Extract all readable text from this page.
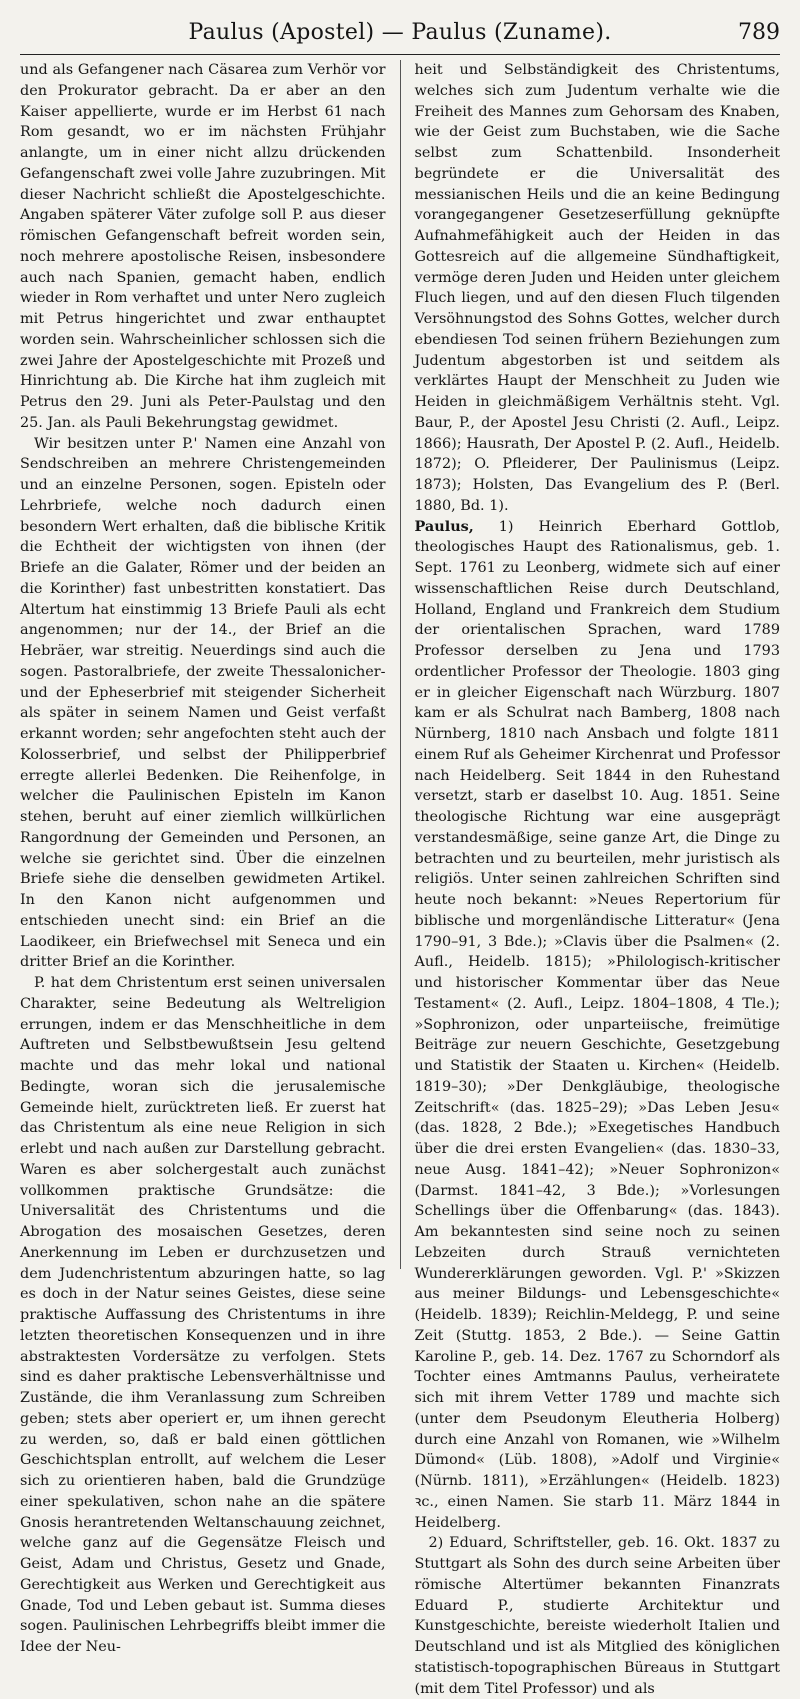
Paulus (Apostel) — Paulus (Zuname).	789

und als Gefangener nach Cäsarea zum Verhör vor den Prokurator gebracht. Da er aber an den Kaiser appellierte, wurde er im Herbst 61 nach Rom gesandt, wo er im nächsten Frühjahr anlangte, um in einer nicht allzu drückenden Gefangenschaft zwei volle Jahre zuzubringen. Mit dieser Nachricht schließt die Apostelgeschichte. Angaben späterer Väter zufolge soll P. aus dieser römischen Gefangenschaft befreit worden sein, noch mehrere apostolische Reisen, insbesondere auch nach Spanien, gemacht haben, endlich wieder in Rom verhaftet und unter Nero zugleich mit Petrus hingerichtet und zwar enthauptet worden sein. Wahrscheinlicher schlossen sich die zwei Jahre der Apostelgeschichte mit Prozeß und Hinrichtung ab. Die Kirche hat ihm zugleich mit Petrus den 29. Juni als Peter-Paulstag und den 25. Jan. als Pauli Bekehrungstag gewidmet.

Wir besitzen unter P.' Namen eine Anzahl von Sendschreiben an mehrere Christengemeinden und an einzelne Personen, sogen. Episteln oder Lehrbriefe, welche noch dadurch einen besondern Wert erhalten, daß die biblische Kritik die Echtheit der wichtigsten von ihnen (der Briefe an die Galater, Römer und der beiden an die Korinther) fast unbestritten konstatiert. Das Altertum hat einstimmig 13 Briefe Pauli als echt angenommen; nur der 14., der Brief an die Hebräer, war streitig. Neuerdings sind auch die sogen. Pastoralbriefe, der zweite Thessalonicher- und der Epheserbrief mit steigender Sicherheit als später in seinem Namen und Geist verfaßt erkannt worden; sehr angefochten steht auch der Kolosserbrief, und selbst der Philipperbrief erregte allerlei Bedenken. Die Reihenfolge, in welcher die Paulinischen Episteln im Kanon stehen, beruht auf einer ziemlich willkürlichen Rangordnung der Gemeinden und Personen, an welche sie gerichtet sind. Über die einzelnen Briefe siehe die denselben gewidmeten Artikel. In den Kanon nicht aufgenommen und entschieden unecht sind: ein Brief an die Laodikeer, ein Briefwechsel mit Seneca und ein dritter Brief an die Korinther.

P. hat dem Christentum erst seinen universalen Charakter, seine Bedeutung als Weltreligion errungen, indem er das Menschheitliche in dem Auftreten und Selbstbewußtsein Jesu geltend machte und das mehr lokal und national Bedingte, woran sich die jerusalemische Gemeinde hielt, zurücktreten ließ. Er zuerst hat das Christentum als eine neue Religion in sich erlebt und nach außen zur Darstellung gebracht. Waren es aber solchergestalt auch zunächst vollkommen praktische Grundsätze: die Universalität des Christentums und die Abrogation des mosaischen Gesetzes, deren Anerkennung im Leben er durchzusetzen und dem Judenchristentum abzuringen hatte, so lag es doch in der Natur seines Geistes, diese seine praktische Auffassung des Christentums in ihre letzten theoretischen Konsequenzen und in ihre abstraktesten Vordersätze zu verfolgen. Stets sind es daher praktische Lebensverhältnisse und Zustände, die ihm Veranlassung zum Schreiben geben; stets aber operiert er, um ihnen gerecht zu werden, so, daß er bald einen göttlichen Geschichtsplan entrollt, auf welchem die Leser sich zu orientieren haben, bald die Grundzüge einer spekulativen, schon nahe an die spätere Gnosis herantretenden Weltanschauung zeichnet, welche ganz auf die Gegensätze Fleisch und Geist, Adam und Christus, Gesetz und Gnade, Gerechtigkeit aus Werken und Gerechtigkeit aus Gnade, Tod und Leben gebaut ist. Summa dieses sogen. Paulinischen Lehrbegriffs bleibt immer die Idee der Neu-

heit und Selbständigkeit des Christentums, welches sich zum Judentum verhalte wie die Freiheit des Mannes zum Gehorsam des Knaben, wie der Geist zum Buchstaben, wie die Sache selbst zum Schattenbild. Insonderheit begründete er die Universalität des messianischen Heils und die an keine Bedingung vorangegangener Gesetzeserfüllung geknüpfte Aufnahmefähigkeit auch der Heiden in das Gottesreich auf die allgemeine Sündhaftigkeit, vermöge deren Juden und Heiden unter gleichem Fluch liegen, und auf den diesen Fluch tilgenden Versöhnungstod des Sohns Gottes, welcher durch ebendiesen Tod seinen frühern Beziehungen zum Judentum abgestorben ist und seitdem als verklärtes Haupt der Menschheit zu Juden wie Heiden in gleichmäßigem Verhältnis steht. Vgl. Baur, P., der Apostel Jesu Christi (2. Aufl., Leipz. 1866); Hausrath, Der Apostel P. (2. Aufl., Heidelb. 1872); O. Pfleiderer, Der Paulinismus (Leipz. 1873); Holsten, Das Evangelium des P. (Berl. 1880, Bd. 1).

Paulus, 1) Heinrich Eberhard Gottlob, theologisches Haupt des Rationalismus, geb. 1. Sept. 1761 zu Leonberg, widmete sich auf einer wissenschaftlichen Reise durch Deutschland, Holland, England und Frankreich dem Studium der orientalischen Sprachen, ward 1789 Professor derselben zu Jena und 1793 ordentlicher Professor der Theologie. 1803 ging er in gleicher Eigenschaft nach Würzburg. 1807 kam er als Schulrat nach Bamberg, 1808 nach Nürnberg, 1810 nach Ansbach und folgte 1811 einem Ruf als Geheimer Kirchenrat und Professor nach Heidelberg. Seit 1844 in den Ruhestand versetzt, starb er daselbst 10. Aug. 1851. Seine theologische Richtung war eine ausgeprägt verstandesmäßige, seine ganze Art, die Dinge zu betrachten und zu beurteilen, mehr juristisch als religiös. Unter seinen zahlreichen Schriften sind heute noch bekannt: »Neues Repertorium für biblische und morgenländische Litteratur« (Jena 1790–91, 3 Bde.); »Clavis über die Psalmen« (2. Aufl., Heidelb. 1815); »Philologisch-kritischer und historischer Kommentar über das Neue Testament« (2. Aufl., Leipz. 1804–1808, 4 Tle.); »Sophronizon, oder unparteiische, freimütige Beiträge zur neuern Geschichte, Gesetzgebung und Statistik der Staaten u. Kirchen« (Heidelb. 1819–30); »Der Denkgläubige, theologische Zeitschrift« (das. 1825–29); »Das Leben Jesu« (das. 1828, 2 Bde.); »Exegetisches Handbuch über die drei ersten Evangelien« (das. 1830–33, neue Ausg. 1841–42); »Neuer Sophronizon« (Darmst. 1841–42, 3 Bde.); »Vorlesungen Schellings über die Offenbarung« (das. 1843). Am bekanntesten sind seine noch zu seinen Lebzeiten durch Strauß vernichteten Wundererklärungen geworden. Vgl. P.' »Skizzen aus meiner Bildungs- und Lebensgeschichte« (Heidelb. 1839); Reichlin-Meldegg, P. und seine Zeit (Stuttg. 1853, 2 Bde.). — Seine Gattin Karoline P., geb. 14. Dez. 1767 zu Schorndorf als Tochter eines Amtmanns Paulus, verheiratete sich mit ihrem Vetter 1789 und machte sich (unter dem Pseudonym Eleutheria Holberg) durch eine Anzahl von Romanen, wie »Wilhelm Dümond« (Lüb. 1808), »Adolf und Virginie« (Nürnb. 1811), »Erzählungen« (Heidelb. 1823) ꝛc., einen Namen. Sie starb 11. März 1844 in Heidelberg.

2) Eduard, Schriftsteller, geb. 16. Okt. 1837 zu Stuttgart als Sohn des durch seine Arbeiten über römische Altertümer bekannten Finanzrats Eduard P., studierte Architektur und Kunstgeschichte, bereiste wiederholt Italien und Deutschland und ist als Mitglied des königlichen statistisch-topographischen Büreaus in Stuttgart (mit dem Titel Professor) und als
